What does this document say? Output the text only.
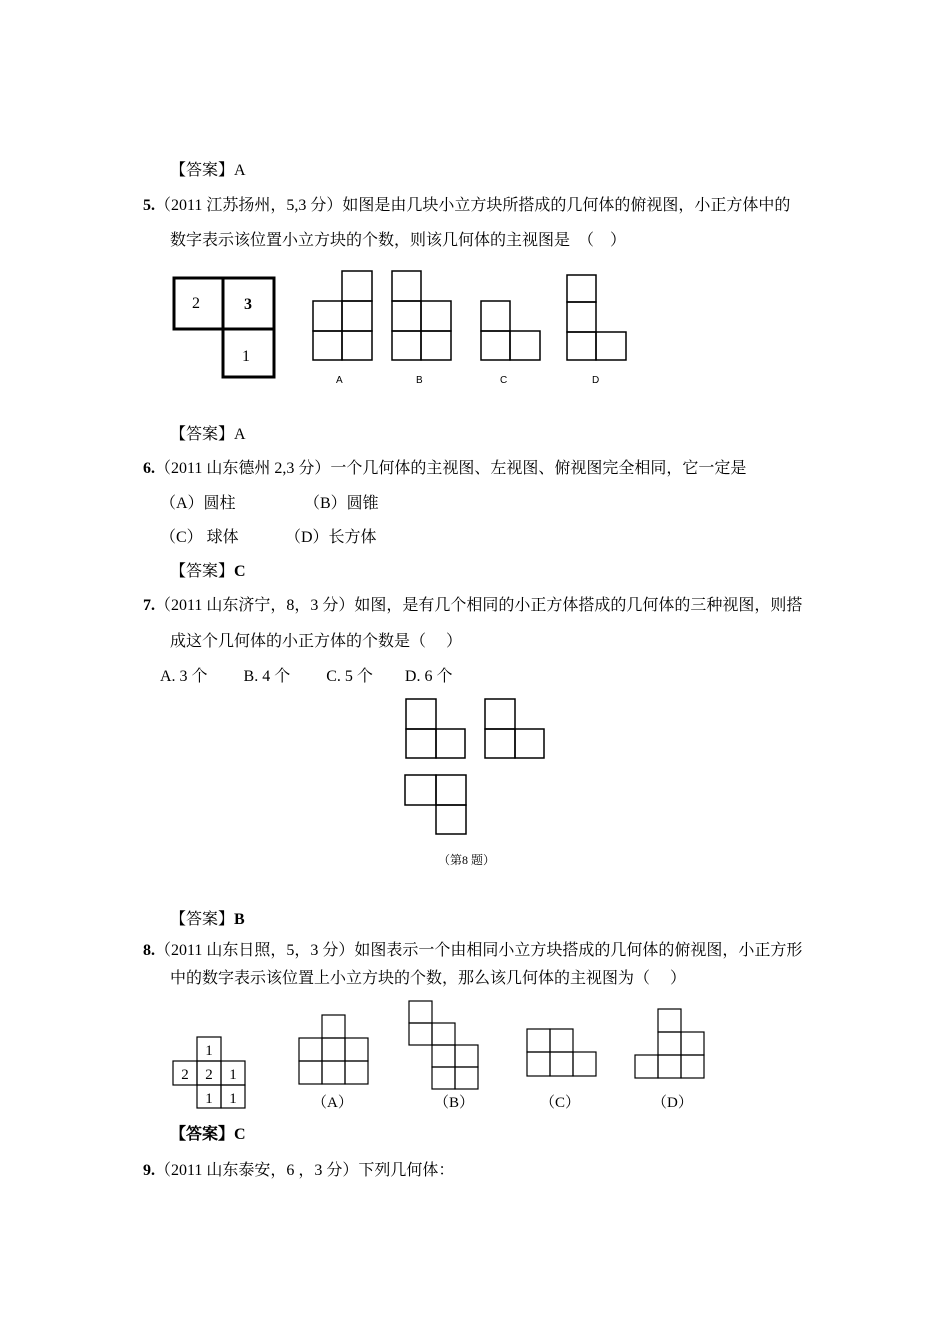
【答案】A
5.（2011 江苏扬州，5,3 分）如图是由几块小立方块所搭成的几何体的俯视图，小正方体中的
数字表示该位置小立方块的个数，则该几何体的主视图是　（　）
2	3
1
A	B	C	D
【答案】A
6.（2011 山东德州 2,3 分）一个几何体的主视图、左视图、俯视图完全相同，它一定是
（A）圆柱	（B）圆锥
（C） 球体	（D）长方体
【答案】C
7.（2011 山东济宁，8，3 分）如图，是有几个相同的小正方体搭成的几何体的三种视图，则搭
成这个几何体的小正方体的个数是（　 ）
A. 3 个　　 B. 4 个　　 C. 5 个　　D. 6 个
（第8 题）
【答案】B
8.（2011 山东日照，5，3 分）如图表示一个由相同小立方块搭成的几何体的俯视图，小正方形
中的数字表示该位置上小立方块的个数，那么该几何体的主视图为（　 ）
1
2 2 1
1 1	（A）	（B）	（C）	（D）
【答案】C
9.（2011 山东泰安，6 ，3 分）下列几何体：
